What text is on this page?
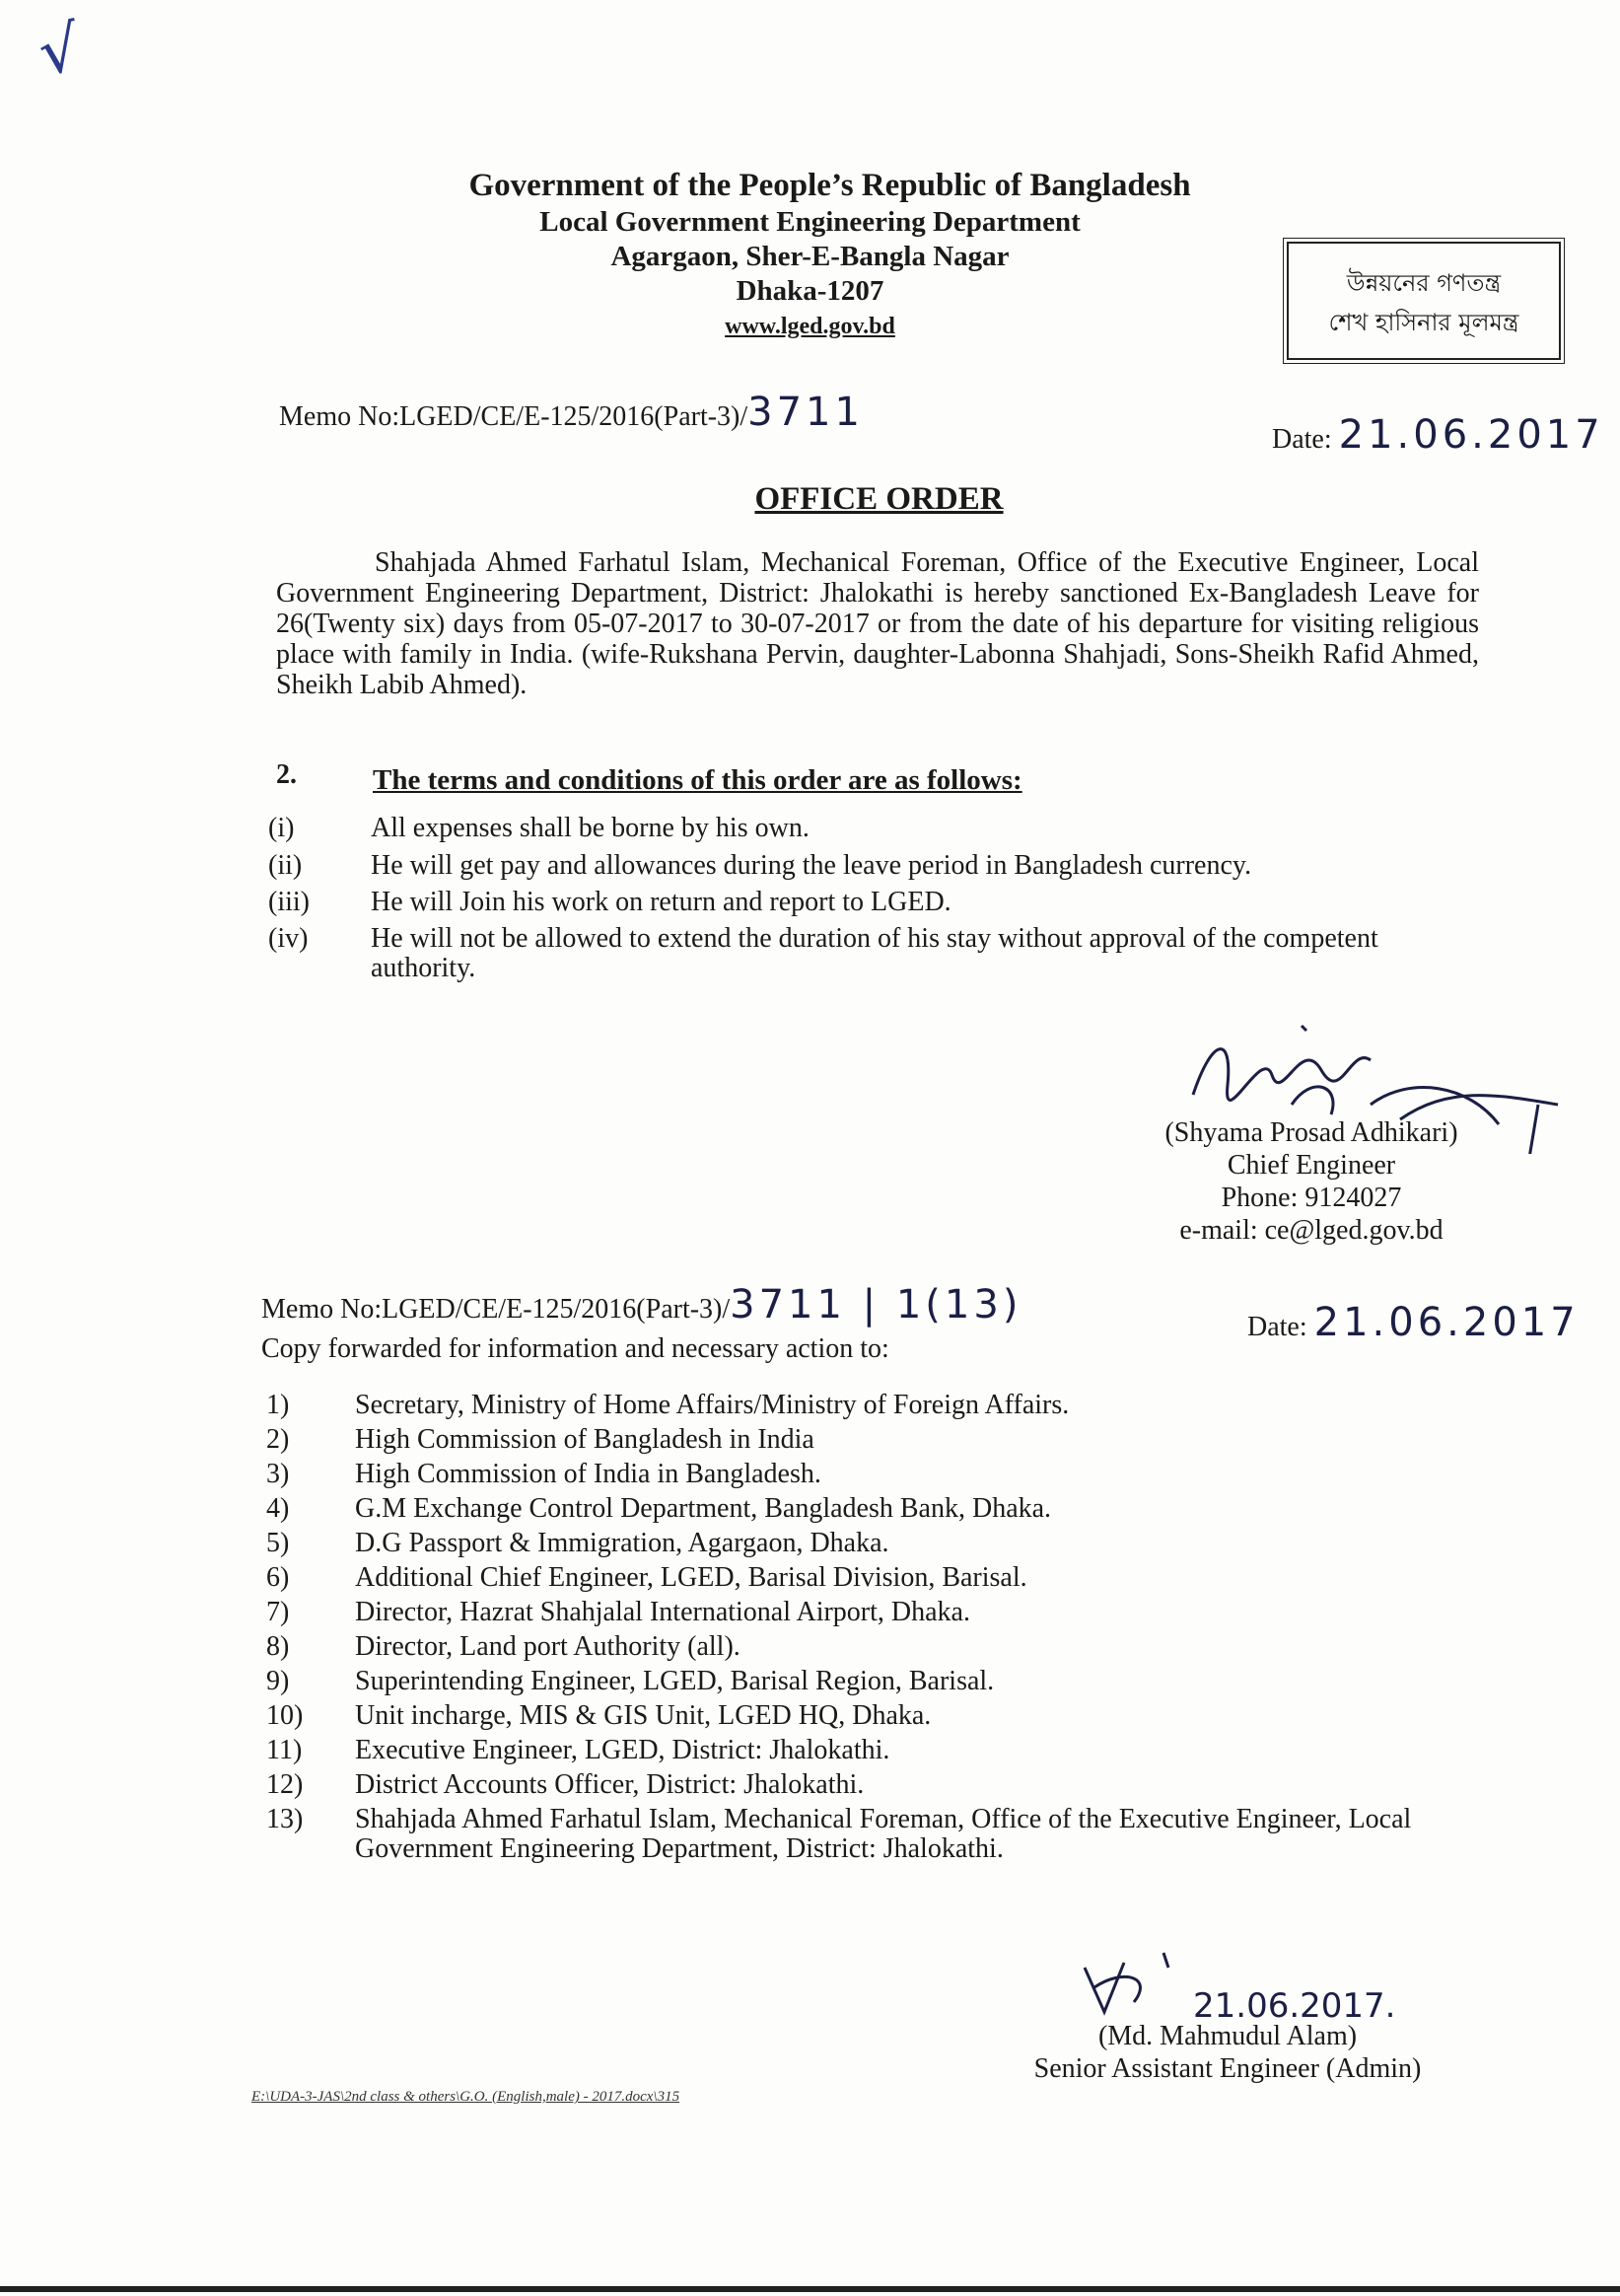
√
Government of the People’s Republic of Bangladesh
Local Government Engineering Department
Agargaon, Sher-E-Bangla Nagar
Dhaka-1207
www.lged.gov.bd
উন্নয়নের গণতন্ত্র
শেখ হাসিনার মূলমন্ত্র
Memo No:LGED/CE/E-125/2016(Part-3)/3711
Date: 21.06.2017
OFFICE ORDER
Shahjada Ahmed Farhatul Islam, Mechanical Foreman, Office of the Executive Engineer, Local Government Engineering Department, District: Jhalokathi is hereby sanctioned Ex-Bangladesh Leave for 26(Twenty six) days from 05-07-2017 to 30-07-2017 or from the date of his departure for visiting religious place with family in India. (wife-Rukshana Pervin, daughter-Labonna Shahjadi, Sons-Sheikh Rafid Ahmed, Sheikh Labib Ahmed).
2.	The terms and conditions of this order are as follows:
(i)	All expenses shall be borne by his own.
(ii)	He will get pay and allowances during the leave period in Bangladesh currency.
(iii)	He will Join his work on return and report to LGED.
(iv)	He will not be allowed to extend the duration of his stay without approval of the competent authority.
(Shyama Prosad Adhikari)
Chief Engineer
Phone: 9124027
e-mail: ce@lged.gov.bd
Memo No:LGED/CE/E-125/2016(Part-3)/3711 | 1(13)	Date: 21.06.2017
Copy forwarded for information and necessary action to:
1)	Secretary, Ministry of Home Affairs/Ministry of Foreign Affairs.
2)	High Commission of Bangladesh in India
3)	High Commission of India in Bangladesh.
4)	G.M Exchange Control Department, Bangladesh Bank, Dhaka.
5)	D.G Passport & Immigration, Agargaon, Dhaka.
6)	Additional Chief Engineer, LGED, Barisal Division, Barisal.
7)	Director, Hazrat Shahjalal International Airport, Dhaka.
8)	Director, Land port Authority (all).
9)	Superintending Engineer, LGED, Barisal Region, Barisal.
10)	Unit incharge, MIS & GIS Unit, LGED HQ, Dhaka.
11)	Executive Engineer, LGED, District: Jhalokathi.
12)	District Accounts Officer, District: Jhalokathi.
13)	Shahjada Ahmed Farhatul Islam, Mechanical Foreman, Office of the Executive Engineer, Local Government Engineering Department, District: Jhalokathi.
21.06.2017.
(Md. Mahmudul Alam)
Senior Assistant Engineer (Admin)
E:\UDA-3-JAS\2nd class & others\G.O. (English,male) - 2017.docx\315
